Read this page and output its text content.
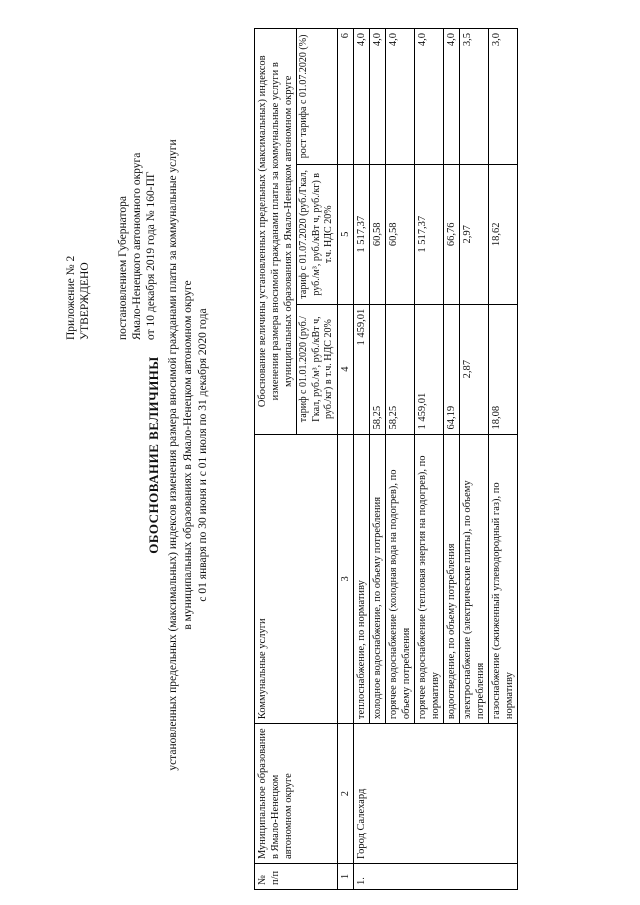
Приложение № 2 УТВЕРЖДЕНО постановлением Губернатора Ямало-Ненецкого автономного округа от 10 декабря 2019 года № 160-ПГ
ОБОСНОВАНИЕ ВЕЛИЧИНЫ установленных предельных (максимальных) индексов изменения размера вносимой гражданами платы за коммунальные услуги в муниципальных образованиях в Ямало-Ненецком автономном округе с 01 января по 30 июня и с 01 июля по 31 декабря 2020 года
№ п/п	Муниципальное образование в Ямало-Ненецком автономном округе	Коммунальные услуги	Обоснование величины установленных предельных (максимальных) индексов изменения размера вносимой гражданами платы за коммунальные услуги в муниципальных образованиях в Ямало-Ненецком автономном округе		
			тариф с 01.01.2020 (руб./Гкал, руб./м³, руб./кВт ч, руб./кг) в т.ч. НДС 20%	тариф с 01.07.2020 (руб./Гкал, руб./м³, руб./кВт ч, руб./кг) в т.ч. НДС 20%	рост тарифа с 01.07.2020 (%)
1	2	3	4	5	6
1.	Город Салехард	теплоснабжение, по нормативу	1 459,01	1 517,37	4,0
		холодное водоснабжение, по объему потребления	58,25	60,58	4,0
		горячее водоснабжение (холодная вода на подогрев), по объему потребления	58,25	60,58	4,0
		горячее водоснабжение (тепловая энергия на подогрев), по нормативу	1 459,01	1 517,37	4,0
		водоотведение, по объему потребления	64,19	66,76	4,0
		электроснабжение (электрические плиты), по объему потребления	2,87	2,97	3,5
		газоснабжение (сжиженный углеводородный газ), по нормативу	18,08	18,62	3,0
